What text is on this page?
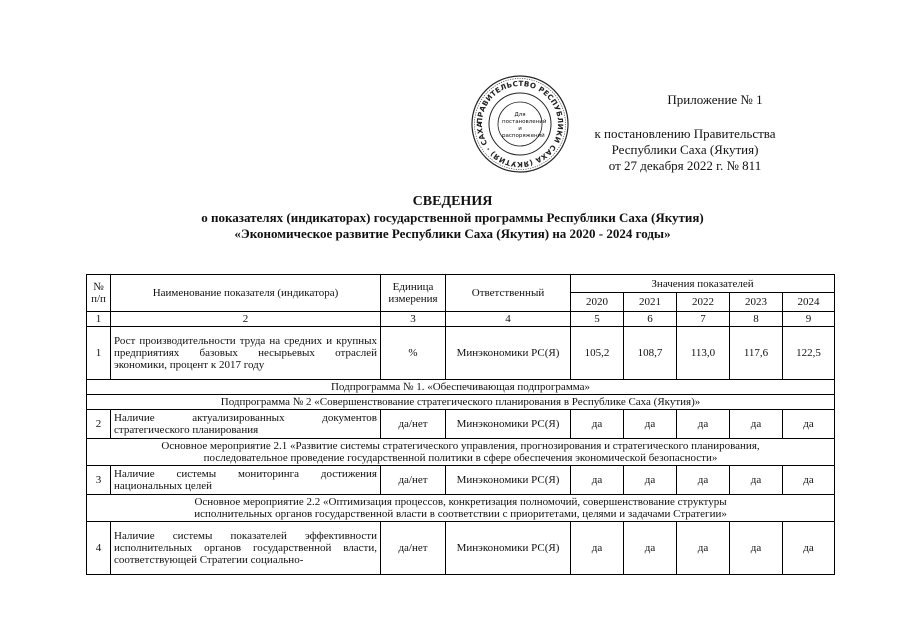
ПРАВИТЕЛЬСТВО РЕСПУБЛИКИ САХА (ЯКУТИЯ) · САХА
Для постановлений и распоряжений
Приложение № 1
к постановлению Правительства
Республики Саха (Якутия)
от 27 декабря 2022 г. № 811
СВЕДЕНИЯ
о показателях (индикаторах) государственной программы Республики Саха (Якутия)
«Экономическое развитие Республики Саха (Якутия) на 2020 - 2024 годы»
№ п/п	Наименование показателя (индикатора)	Единица измерения	Ответственный	Значения показателей				
				2020	2021	2022	2023	2024
1	2	3	4	5	6	7	8	9
1	Рост производительности труда на средних и крупных предприятиях базовых несырьевых отраслей экономики, процент к 2017 году	%	Минэкономики РС(Я)	105,2	108,7	113,0	117,6	122,5
Подпрограмма № 1. «Обеспечивающая подпрограмма»								
Подпрограмма № 2 «Совершенствование стратегического планирования в Республике Саха (Якутия)»								
2	Наличие актуализированных документов стратегического планирования	да/нет	Минэкономики РС(Я)	да	да	да	да	да

Основное мероприятие 2.1 «Развитие системы стратегического управления, прогнозирования и стратегического планирования,
последовательное проведение государственной политики в сфере обеспечения экономической безопасности»								

3	Наличие системы мониторинга достижения национальных целей	да/нет	Минэкономики РС(Я)	да	да	да	да	да

Основное мероприятие 2.2 «Оптимизация процессов, конкретизация полномочий, совершенствование структуры
исполнительных органов государственной власти в соответствии с приоритетами, целями и задачами Стратегии»								

4	Наличие системы показателей эффективности исполнительных органов государственной власти, соответствующей Стратегии социально-	да/нет	Минэкономики РС(Я)	да	да	да	да	да
